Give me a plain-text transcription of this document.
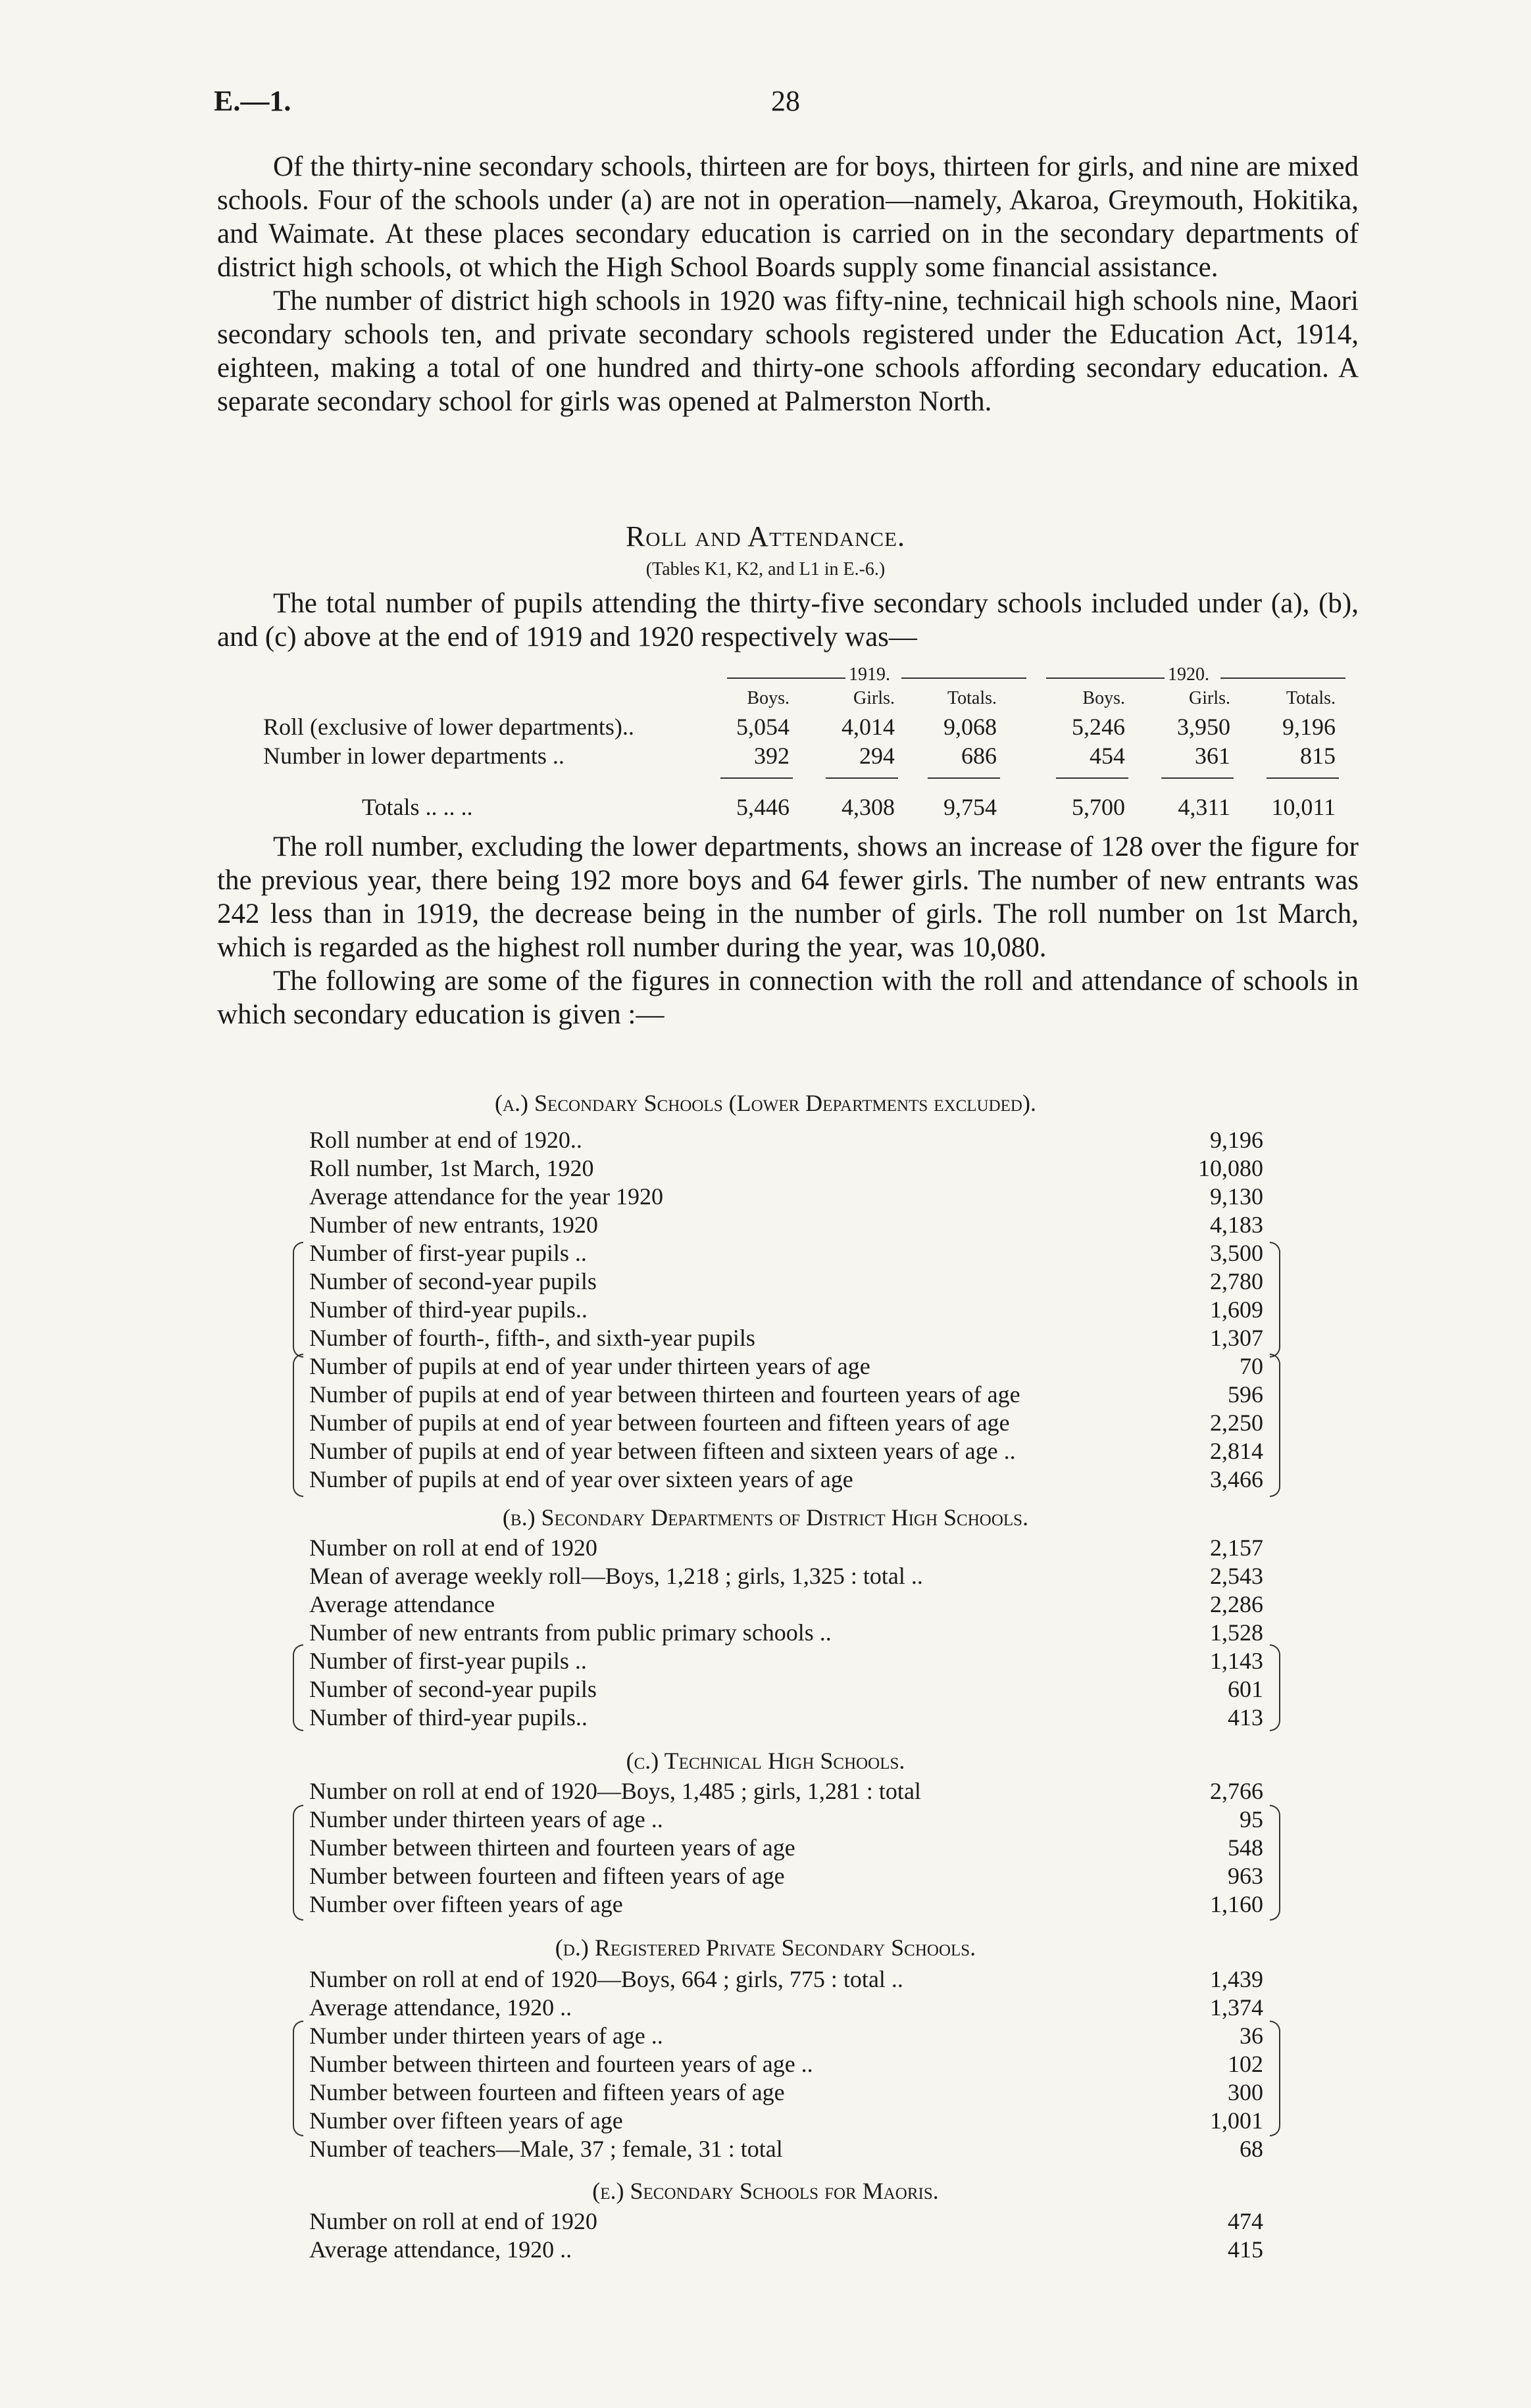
E.—1.	28

Of the thirty-nine secondary schools, thirteen are for boys, thirteen for girls, and nine are mixed schools. Four of the schools under (a) are not in operation—namely, Akaroa, Greymouth, Hokitika, and Waimate. At these places secondary education is carried on in the secondary departments of district high schools, ot which the High School Boards supply some financial assistance.

The number of district high schools in 1920 was fifty-nine, technicail high schools nine, Maori secondary schools ten, and private secondary schools registered under the Education Act, 1914, eighteen, making a total of one hundred and thirty-one schools affording secondary education. A separate secondary school for girls was opened at Palmerston North.

Roll and Attendance.
(Tables K1, K2, and L1 in E.-6.)

The total number of pupils attending the thirty-five secondary schools included under (a), (b), and (c) above at the end of 1919 and 1920 respectively was—

1919.	1920.
Boys.	Girls.	Totals.	Boys.	Girls.	Totals.
Roll (exclusive of lower departments)..	5,054	4,014	9,068	5,246	3,950	9,196
Number in lower departments ..	392	294	686	454	361	815
Totals .. .. ..	5,446	4,308	9,754	5,700	4,311	10,011

The roll number, excluding the lower departments, shows an increase of 128 over the figure for the previous year, there being 192 more boys and 64 fewer girls. The number of new entrants was 242 less than in 1919, the decrease being in the number of girls. The roll number on 1st March, which is regarded as the highest roll number during the year, was 10,080.

The following are some of the figures in connection with the roll and attendance of schools in which secondary education is given :—

(a.) Secondary Schools (Lower Departments excluded).
Roll number at end of 1920..	9,196
Roll number, 1st March, 1920	10,080
Average attendance for the year 1920	9,130
Number of new entrants, 1920	4,183
Number of first-year pupils ..	3,500
Number of second-year pupils	2,780
Number of third-year pupils..	1,609
Number of fourth-, fifth-, and sixth-year pupils	1,307
Number of pupils at end of year under thirteen years of age	70
Number of pupils at end of year between thirteen and fourteen years of age	596
Number of pupils at end of year between fourteen and fifteen years of age	2,250
Number of pupils at end of year between fifteen and sixteen years of age ..	2,814
Number of pupils at end of year over sixteen years of age	3,466
(b.) Secondary Departments of District High Schools.
Number on roll at end of 1920	2,157
Mean of average weekly roll—Boys, 1,218 ; girls, 1,325 : total ..	2,543
Average attendance	2,286
Number of new entrants from public primary schools ..	1,528
Number of first-year pupils ..	1,143
Number of second-year pupils	601
Number of third-year pupils..	413
(c.) Technical High Schools.
Number on roll at end of 1920—Boys, 1,485 ; girls, 1,281 : total	2,766
Number under thirteen years of age ..	95
Number between thirteen and fourteen years of age	548
Number between fourteen and fifteen years of age	963
Number over fifteen years of age	1,160
(d.) Registered Private Secondary Schools.
Number on roll at end of 1920—Boys, 664 ; girls, 775 : total ..	1,439
Average attendance, 1920 ..	1,374
Number under thirteen years of age ..	36
Number between thirteen and fourteen years of age ..	102
Number between fourteen and fifteen years of age	300
Number over fifteen years of age	1,001
Number of teachers—Male, 37 ; female, 31 : total	68
(e.) Secondary Schools for Maoris.
Number on roll at end of 1920	474
Average attendance, 1920 ..	415
